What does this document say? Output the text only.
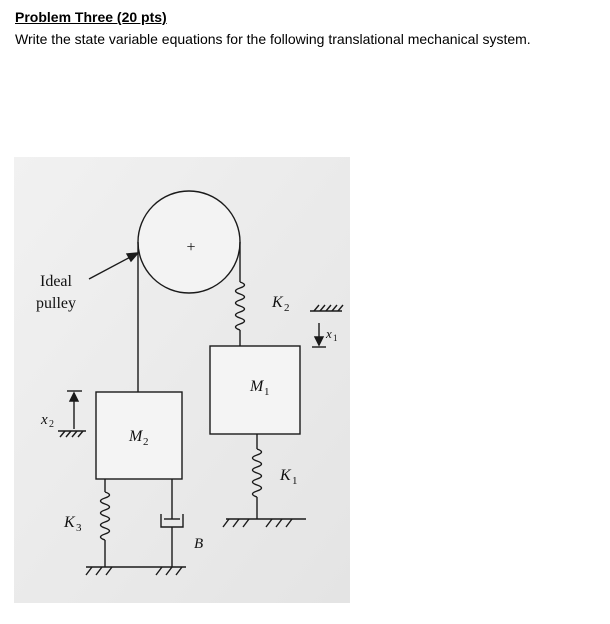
Problem Three (20 pts)

Write the state variable equations for the following translational mechanical system.

Ideal
pulley
+
K 2
x 1
M 1
K 1
x 2
M 2
K 3
B
